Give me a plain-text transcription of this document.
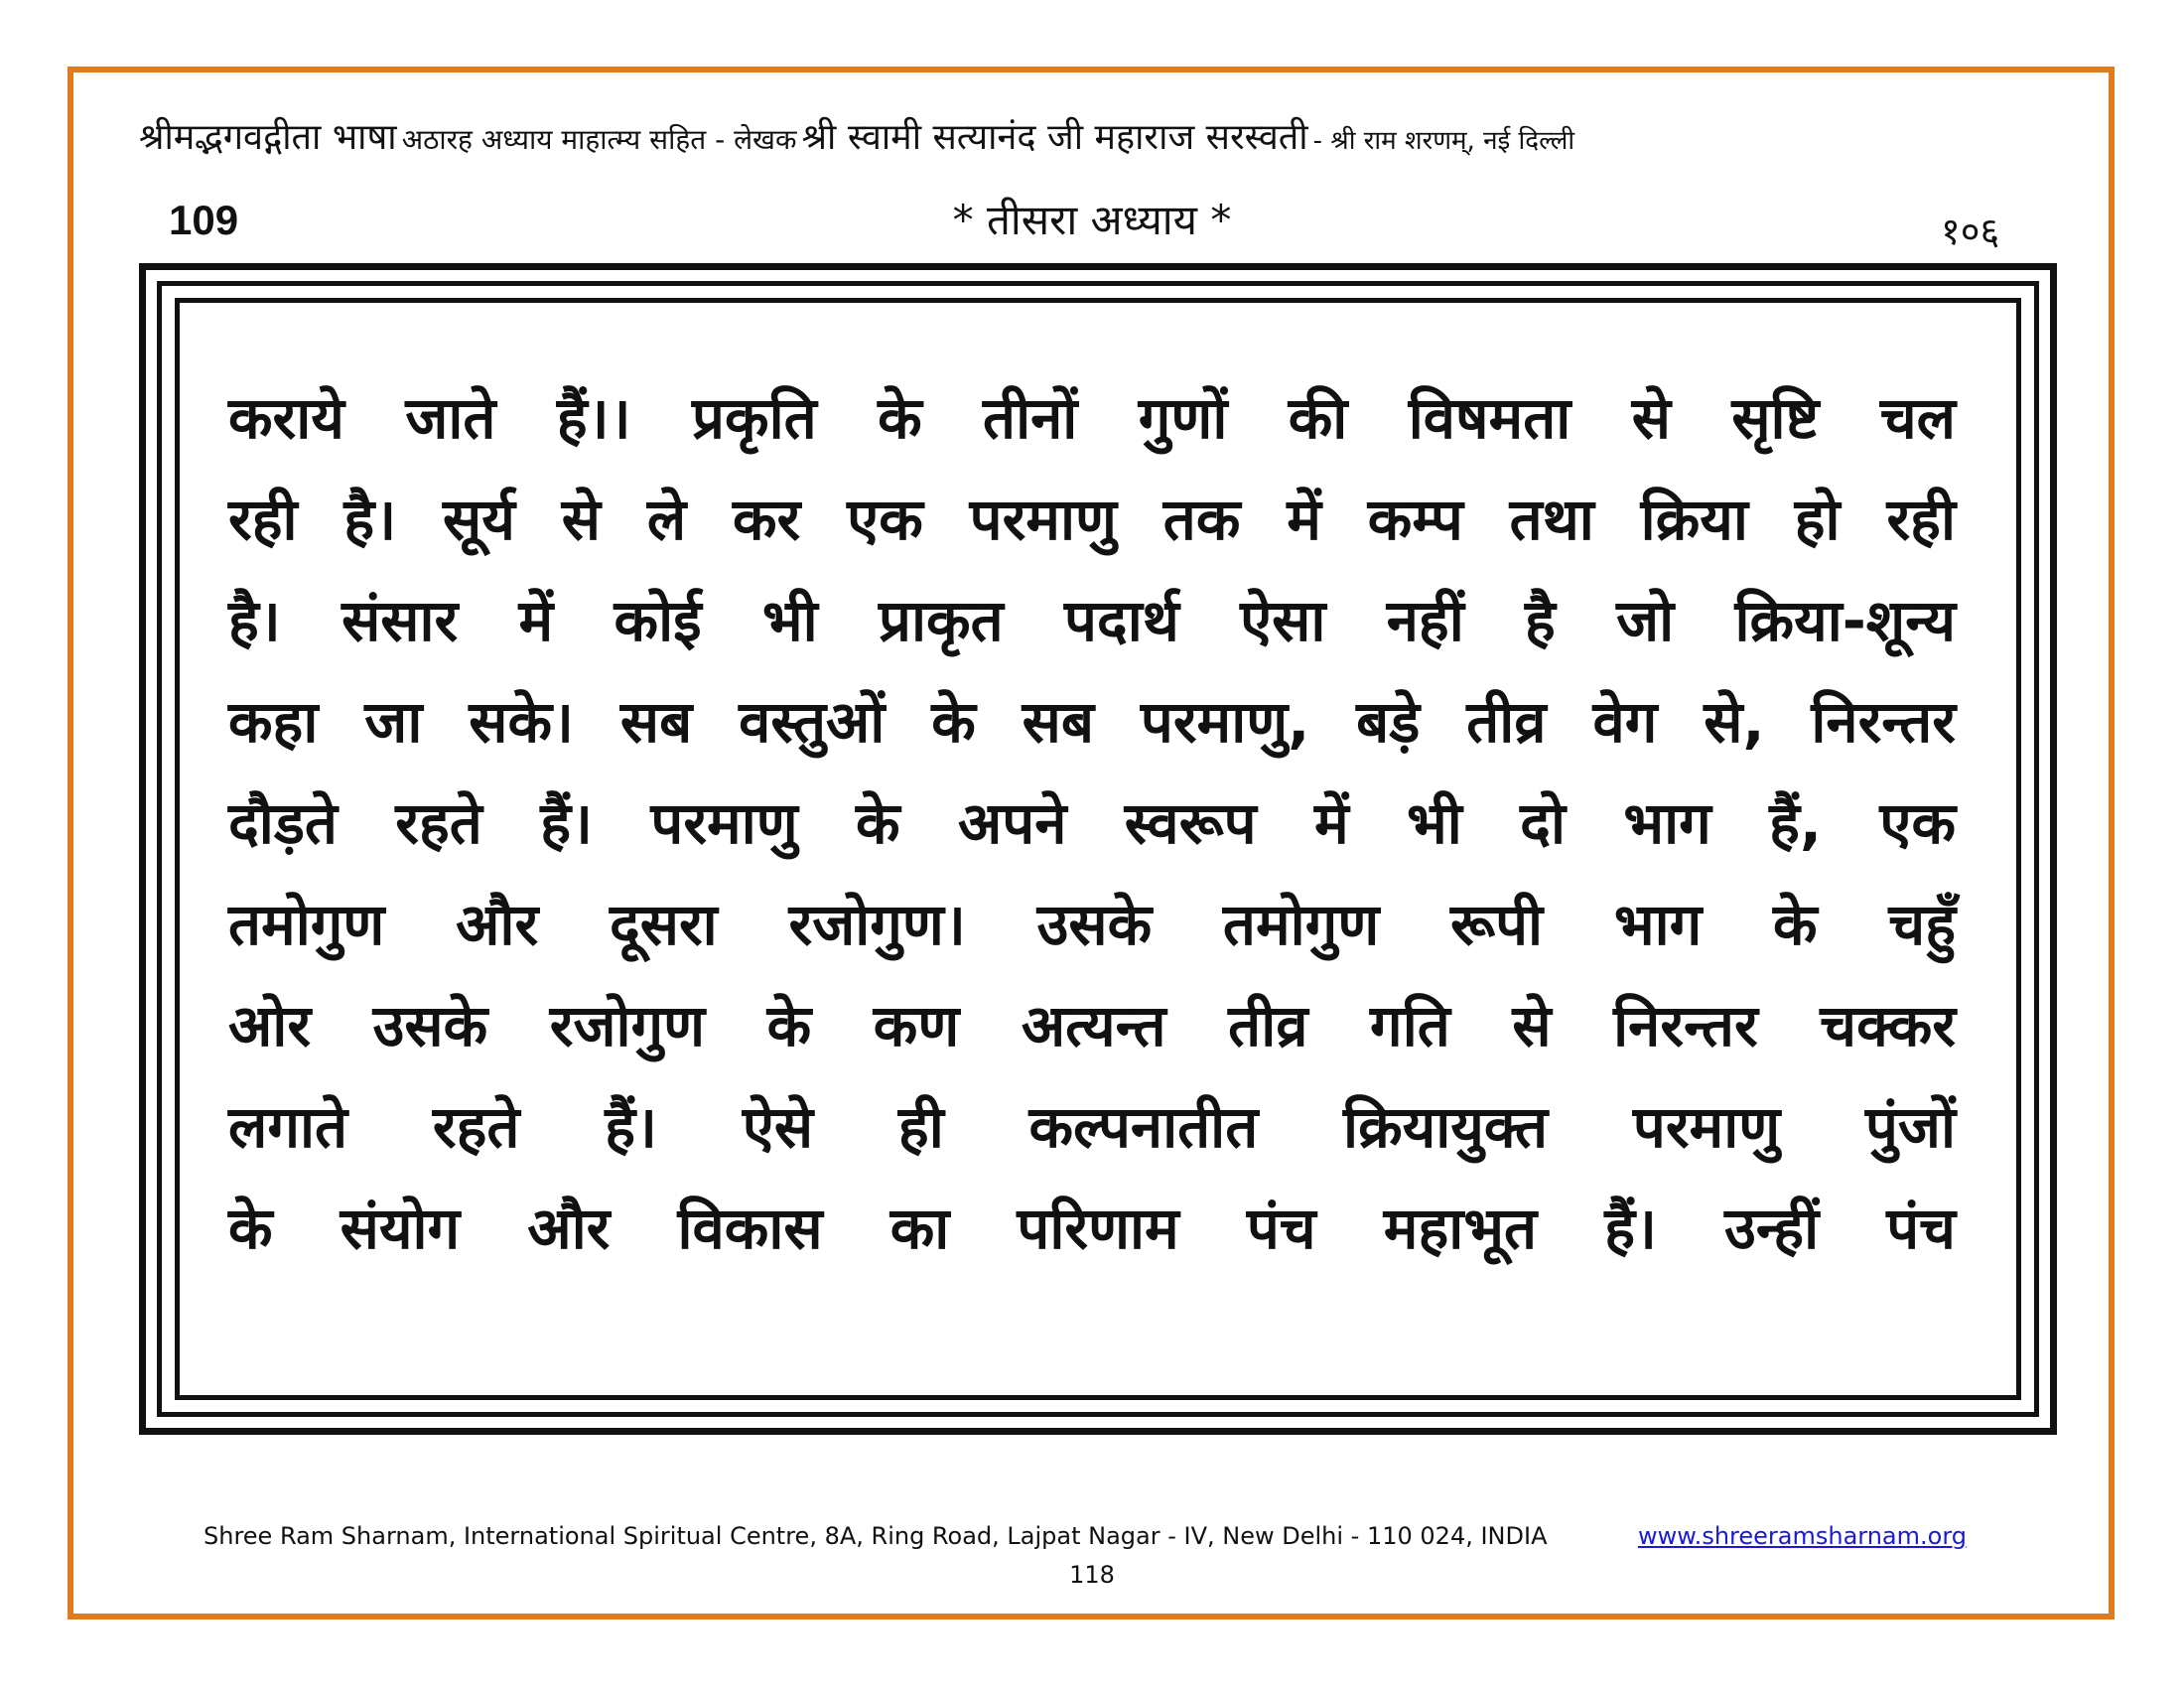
श्रीमद्भगवद्गीता भाषा अठारह अध्याय माहात्म्य सहित - लेखक श्री स्वामी सत्यानंद जी महाराज सरस्वती - श्री राम शरणम्, नई दिल्ली
109	* तीसरा अध्याय *	१०६
कराये जाते हैं।। प्रकृति के तीनों गुणों की विषमता से सृष्टि चल
रही है। सूर्य से ले कर एक परमाणु तक में कम्प तथा क्रिया हो रही
है। संसार में कोई भी प्राकृत पदार्थ ऐसा नहीं है जो क्रिया-शून्य
कहा जा सके। सब वस्तुओं के सब परमाणु, बड़े तीव्र वेग से, निरन्तर
दौड़ते रहते हैं। परमाणु के अपने स्वरूप में भी दो भाग हैं, एक
तमोगुण और दूसरा रजोगुण। उसके तमोगुण रूपी भाग के चहुँ
ओर उसके रजोगुण के कण अत्यन्त तीव्र गति से निरन्तर चक्कर
लगाते रहते हैं। ऐसे ही कल्पनातीत क्रियायुक्त परमाणु पुंजों
के संयोग और विकास का परिणाम पंच महाभूत हैं। उन्हीं पंच
Shree Ram Sharnam, International Spiritual Centre, 8A, Ring Road, Lajpat Nagar - IV, New Delhi - 110 024, INDIA	www.shreeramsharnam.org
118
